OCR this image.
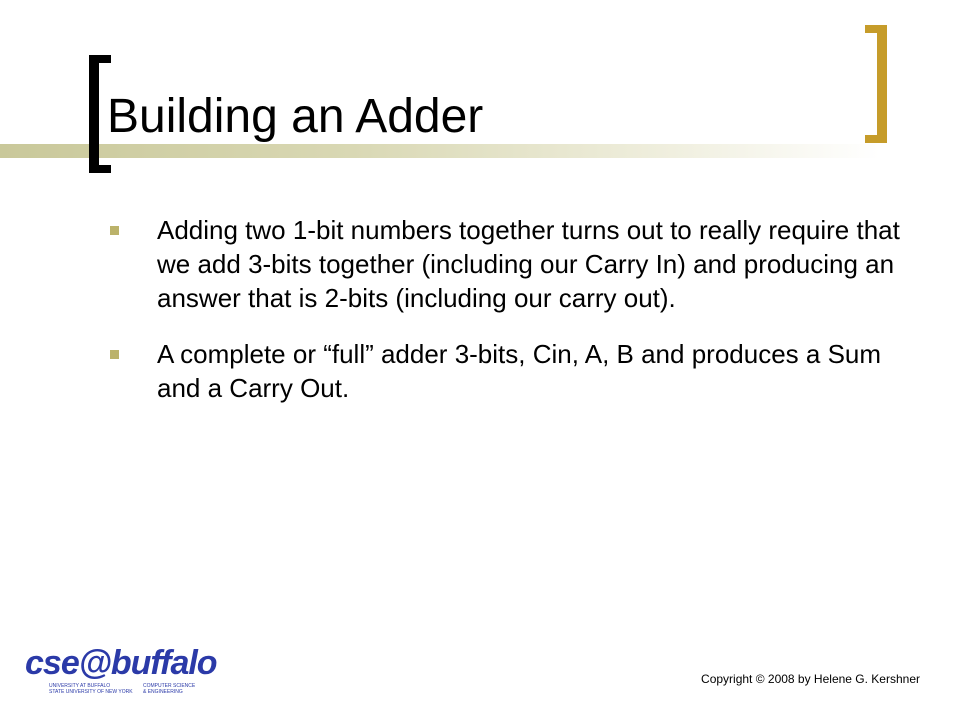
Building an Adder
Adding two 1-bit numbers together turns out to really require that we add 3-bits together (including our Carry In) and producing an answer that is 2-bits (including our carry out).
A complete or “full” adder 3-bits, Cin, A, B and produces a Sum and a Carry Out.
cse@buffalo
UNIVERSITY AT BUFFALO
STATE UNIVERSITY OF NEW YORK
COMPUTER SCIENCE
& ENGINEERING
Copyright © 2008 by Helene G. Kershner
